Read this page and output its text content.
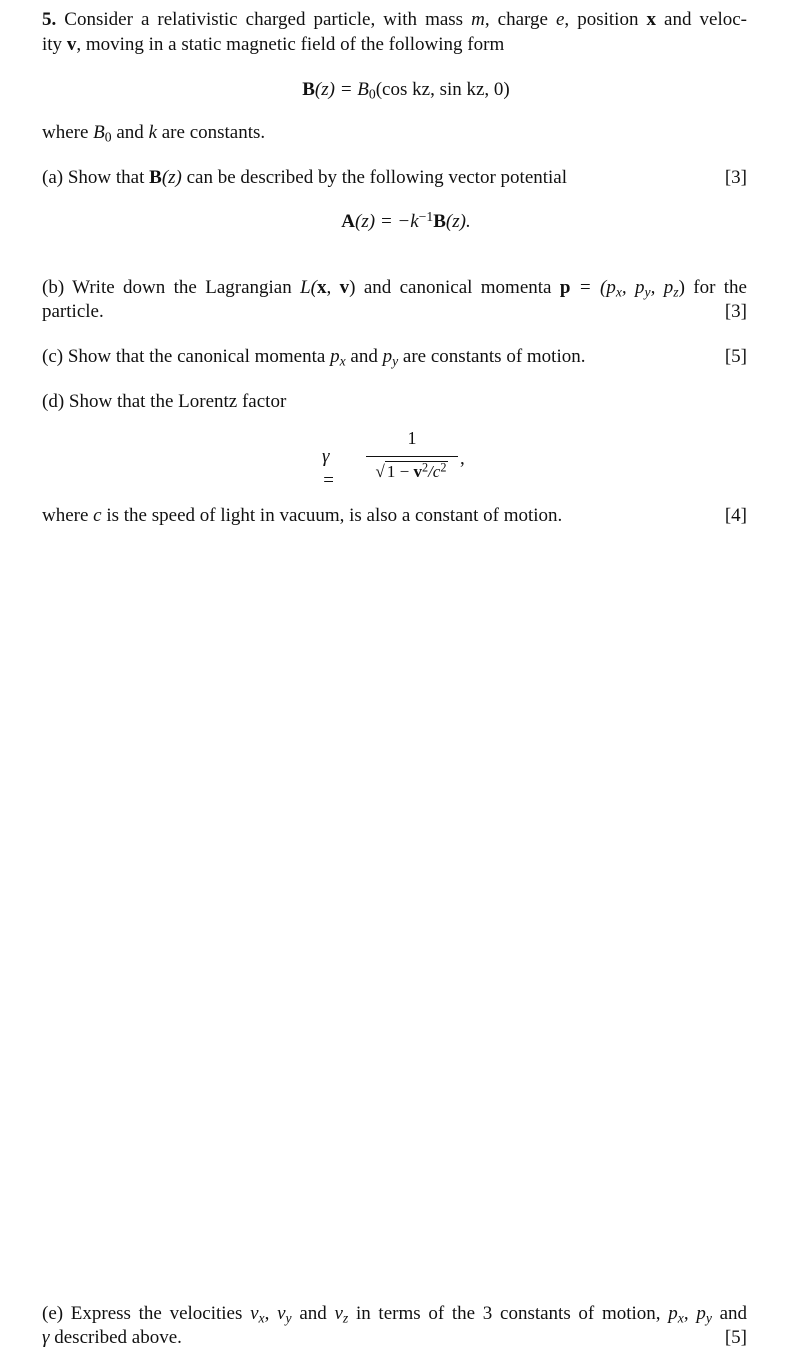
5. Consider a relativistic charged particle, with mass m, charge e, position x and veloc-
ity v, moving in a static magnetic field of the following form
$B(z) = B_0(\cos$ kz, sin kz, 0)
where $B_0$ and k are constants.
(a) Show that B(z) can be described by the following vector potential	[3]
$A(z) = -k^{-1}B(z)$.
(b) Write down the Lagrangian L(x, v) and canonical momenta $p = (p_x$, $p_y$, $p_z$) for the
particle.	[3]
(c) Show that the canonical momenta $p_x$ and $p_y$ are constants of motion.	[5]
(d) Show that the Lorentz factor
γ =
1
√ $1 - v^2/c^2$ ,
where c is the speed of light in vacuum, is also a constant of motion.	[4]
(e) Express the velocities $v_x$, $v_y$ and $v_z$ in terms of the 3 constants of motion, $p_x$, $p_y$ and
γ described above.	[5]
